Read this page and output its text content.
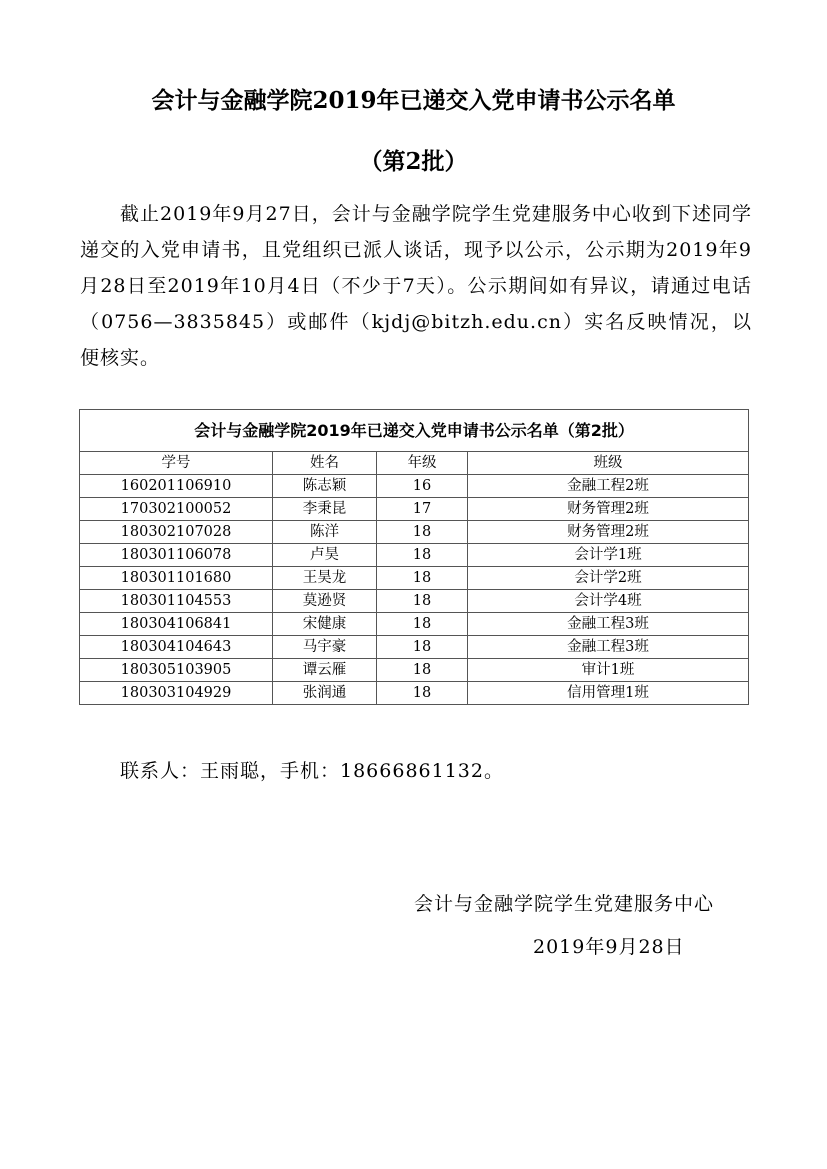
会计与金融学院2019年已递交入党申请书公示名单
（第2批）

截止2019年9月27日，会计与金融学院学生党建服务中心收到下述同学递交的入党申请书，且党组织已派人谈话，现予以公示，公示期为2019年9月28日至2019年10月4日（不少于7天）。公示期间如有异议，请通过电话（0756—3835845）或邮件（kjdj@bitzh.edu.cn）实名反映情况，以便核实。

会计与金融学院2019年已递交入党申请书公示名单（第2批）			
学号	姓名	年级	班级
160201106910	陈志颖	16	金融工程2班
170302100052	李秉昆	17	财务管理2班
180302107028	陈洋	18	财务管理2班
180301106078	卢昊	18	会计学1班
180301101680	王昊龙	18	会计学2班
180301104553	莫逊贤	18	会计学4班
180304106841	宋健康	18	金融工程3班
180304104643	马宇豪	18	金融工程3班
180305103905	谭云雁	18	审计1班
180303104929	张润通	18	信用管理1班
联系人：王雨聪，手机：18666861132。
会计与金融学院学生党建服务中心
2019年9月28日
